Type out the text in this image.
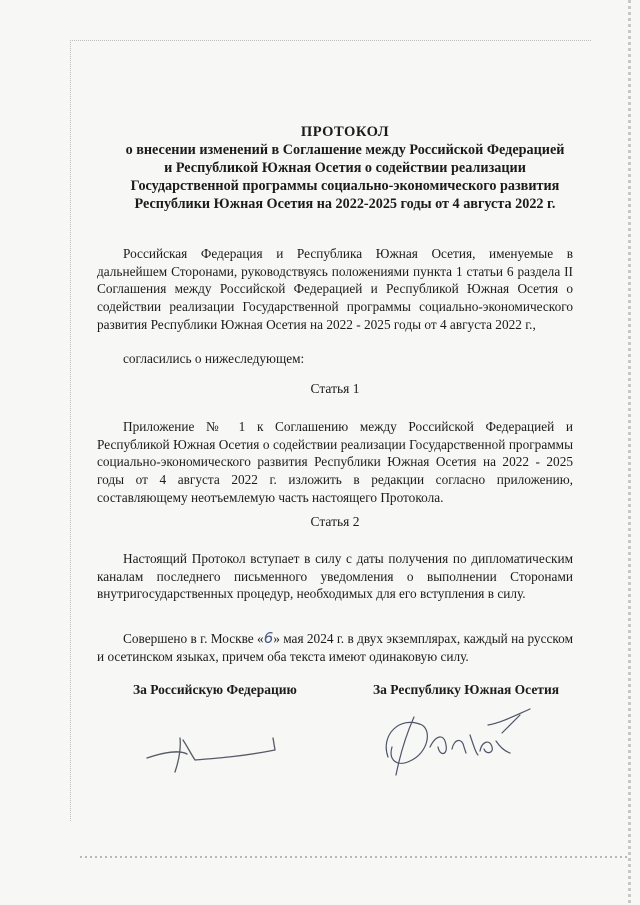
ПРОТОКОЛ
о внесении изменений в Соглашение между Российской Федерацией
и Республикой Южная Осетия о содействии реализации
Государственной программы социально-экономического развития
Республики Южная Осетия на 2022-2025 годы от 4 августа 2022 г.
Российская Федерация и Республика Южная Осетия, именуемые в дальнейшем Сторонами, руководствуясь положениями пункта 1 статьи 6 раздела II Соглашения между Российской Федерацией и Республикой Южная Осетия о содействии реализации Государственной программы социально-экономического развития Республики Южная Осетия на 2022 - 2025 годы от 4 августа 2022 г.,
согласились о нижеследующем:
Статья 1
Приложение № 1 к Соглашению между Российской Федерацией и Республикой Южная Осетия о содействии реализации Государственной программы социально-экономического развития Республики Южная Осетия на 2022 - 2025 годы от 4 августа 2022 г. изложить в редакции согласно приложению, составляющему неотъемлемую часть настоящего Протокола.
Статья 2
Настоящий Протокол вступает в силу с даты получения по дипломатическим каналам последнего письменного уведомления о выполнении Сторонами внутригосударственных процедур, необходимых для его вступления в силу.
Совершено в г. Москве «6» мая 2024 г. в двух экземплярах, каждый на русском и осетинском языках, причем оба текста имеют одинаковую силу.
За Российскую Федерацию	За Республику Южная Осетия
